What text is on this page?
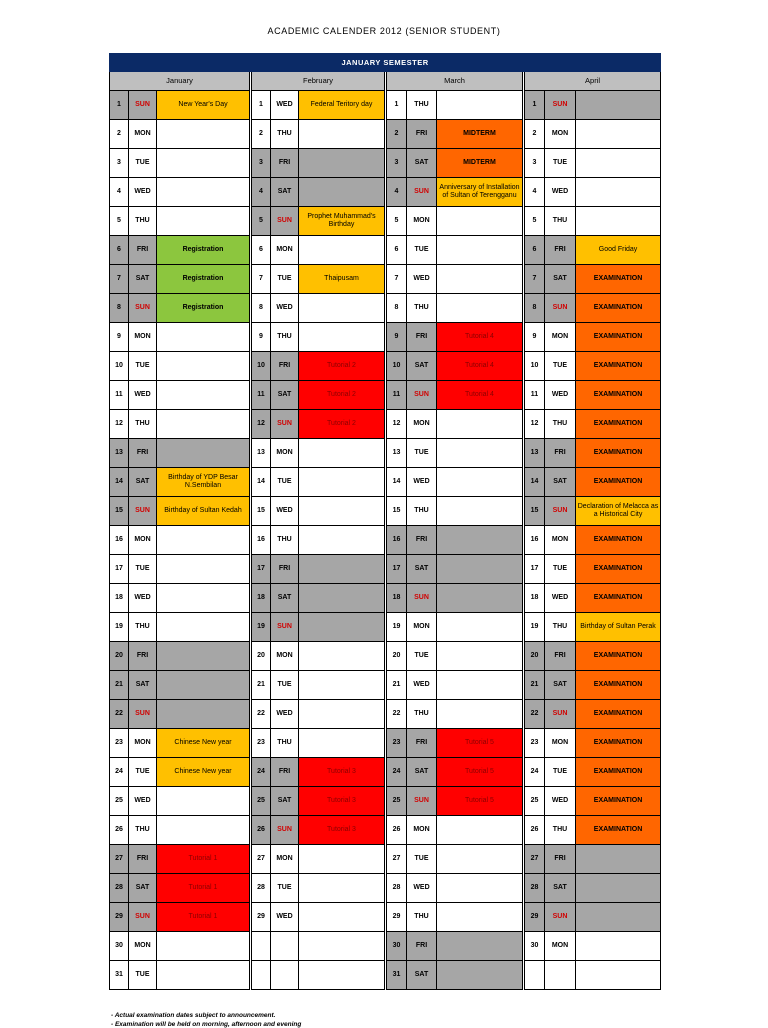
ACADEMIC CALENDER 2012 (SENIOR STUDENT)
JANUARY SEMESTER														
January				February				March				April		
1	SUN	New Year's Day		1	WED	Federal Teritory day		1	THU			1	SUN	
2	MON			2	THU			2	FRI	MIDTERM		2	MON	
3	TUE			3	FRI			3	SAT	MIDTERM		3	TUE	
4	WED			4	SAT			4	SUN	Anniversary of Installation of Sultan of Terengganu		4	WED	
5	THU			5	SUN	Prophet Muhammad's Birthday		5	MON			5	THU	
6	FRI	Registration		6	MON			6	TUE			6	FRI	Good Friday
7	SAT	Registration		7	TUE	Thaipusam		7	WED			7	SAT	EXAMINATION
8	SUN	Registration		8	WED			8	THU			8	SUN	EXAMINATION
9	MON			9	THU			9	FRI	Tutorial 4		9	MON	EXAMINATION
10	TUE			10	FRI	Tutorial 2		10	SAT	Tutorial 4		10	TUE	EXAMINATION
11	WED			11	SAT	Tutorial 2		11	SUN	Tutorial 4		11	WED	EXAMINATION
12	THU			12	SUN	Tutorial 2		12	MON			12	THU	EXAMINATION
13	FRI			13	MON			13	TUE			13	FRI	EXAMINATION
14	SAT	Birthday of YDP Besar N.Sembilan		14	TUE			14	WED			14	SAT	EXAMINATION
15	SUN	Birthday of Sultan Kedah		15	WED			15	THU			15	SUN	Declaration of Melacca as a Historical City
16	MON			16	THU			16	FRI			16	MON	EXAMINATION
17	TUE			17	FRI			17	SAT			17	TUE	EXAMINATION
18	WED			18	SAT			18	SUN			18	WED	EXAMINATION
19	THU			19	SUN			19	MON			19	THU	Birthday of Sultan Perak
20	FRI			20	MON			20	TUE			20	FRI	EXAMINATION
21	SAT			21	TUE			21	WED			21	SAT	EXAMINATION
22	SUN			22	WED			22	THU			22	SUN	EXAMINATION
23	MON	Chinese New year		23	THU			23	FRI	Tutorial 5		23	MON	EXAMINATION
24	TUE	Chinese New year		24	FRI	Tutorial 3		24	SAT	Tutorial 5		24	TUE	EXAMINATION
25	WED			25	SAT	Tutorial 3		25	SUN	Tutorial 5		25	WED	EXAMINATION
26	THU			26	SUN	Tutorial 3		26	MON			26	THU	EXAMINATION
27	FRI	Tutorial 1		27	MON			27	TUE			27	FRI	
28	SAT	Tutorial 1		28	TUE			28	WED			28	SAT	
29	SUN	Tutorial 1		29	WED			29	THU			29	SUN	
30	MON							30	FRI			30	MON	
31	TUE							31	SAT					
- Actual examination dates subject to announcement.
- Examination will be held on morning, afternoon and evening
